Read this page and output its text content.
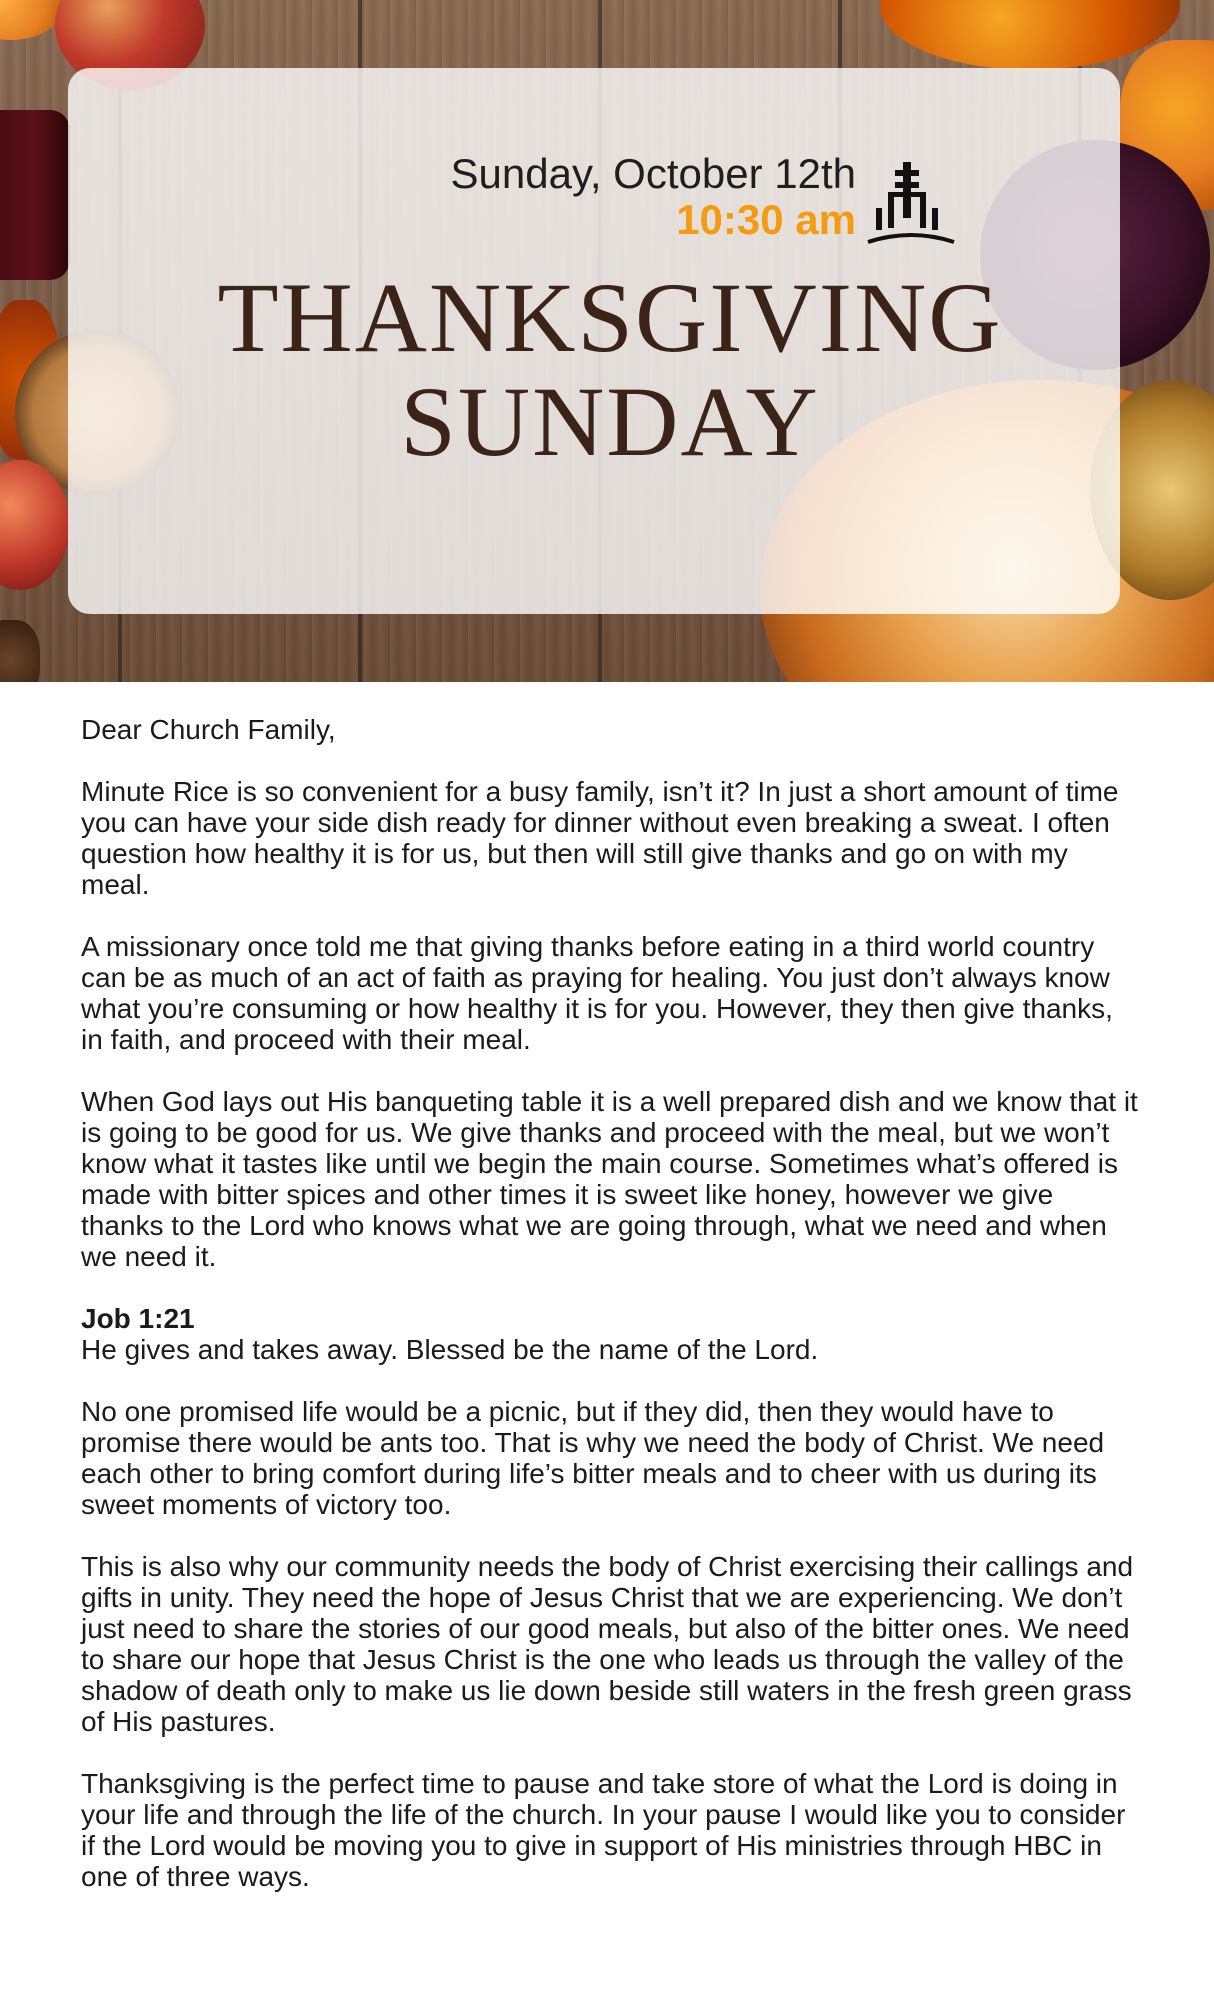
Sunday, October 12th
10:30 am
THANKSGIVING
SUNDAY

Dear Church Family,

Minute Rice is so convenient for a busy family, isn’t it? In just a short amount of time you can have your side dish ready for dinner without even breaking a sweat. I often question how healthy it is for us, but then will still give thanks and go on with my meal.

A missionary once told me that giving thanks before eating in a third world country can be as much of an act of faith as praying for healing. You just don’t always know what you’re consuming or how healthy it is for you. However, they then give thanks, in faith, and proceed with their meal.

When God lays out His banqueting table it is a well prepared dish and we know that it is going to be good for us. We give thanks and proceed with the meal, but we won’t know what it tastes like until we begin the main course. Sometimes what’s offered is made with bitter spices and other times it is sweet like honey, however we give thanks to the Lord who knows what we are going through, what we need and when we need it.

Job 1:21
He gives and takes away. Blessed be the name of the Lord.

No one promised life would be a picnic, but if they did, then they would have to promise there would be ants too. That is why we need the body of Christ. We need each other to bring comfort during life’s bitter meals and to cheer with us during its sweet moments of victory too.

This is also why our community needs the body of Christ exercising their callings and gifts in unity. They need the hope of Jesus Christ that we are experiencing. We don’t just need to share the stories of our good meals, but also of the bitter ones. We need to share our hope that Jesus Christ is the one who leads us through the valley of the shadow of death only to make us lie down beside still waters in the fresh green grass of His pastures.

Thanksgiving is the perfect time to pause and take store of what the Lord is doing in your life and through the life of the church. In your pause I would like you to consider if the Lord would be moving you to give in support of His ministries through HBC in one of three ways.
